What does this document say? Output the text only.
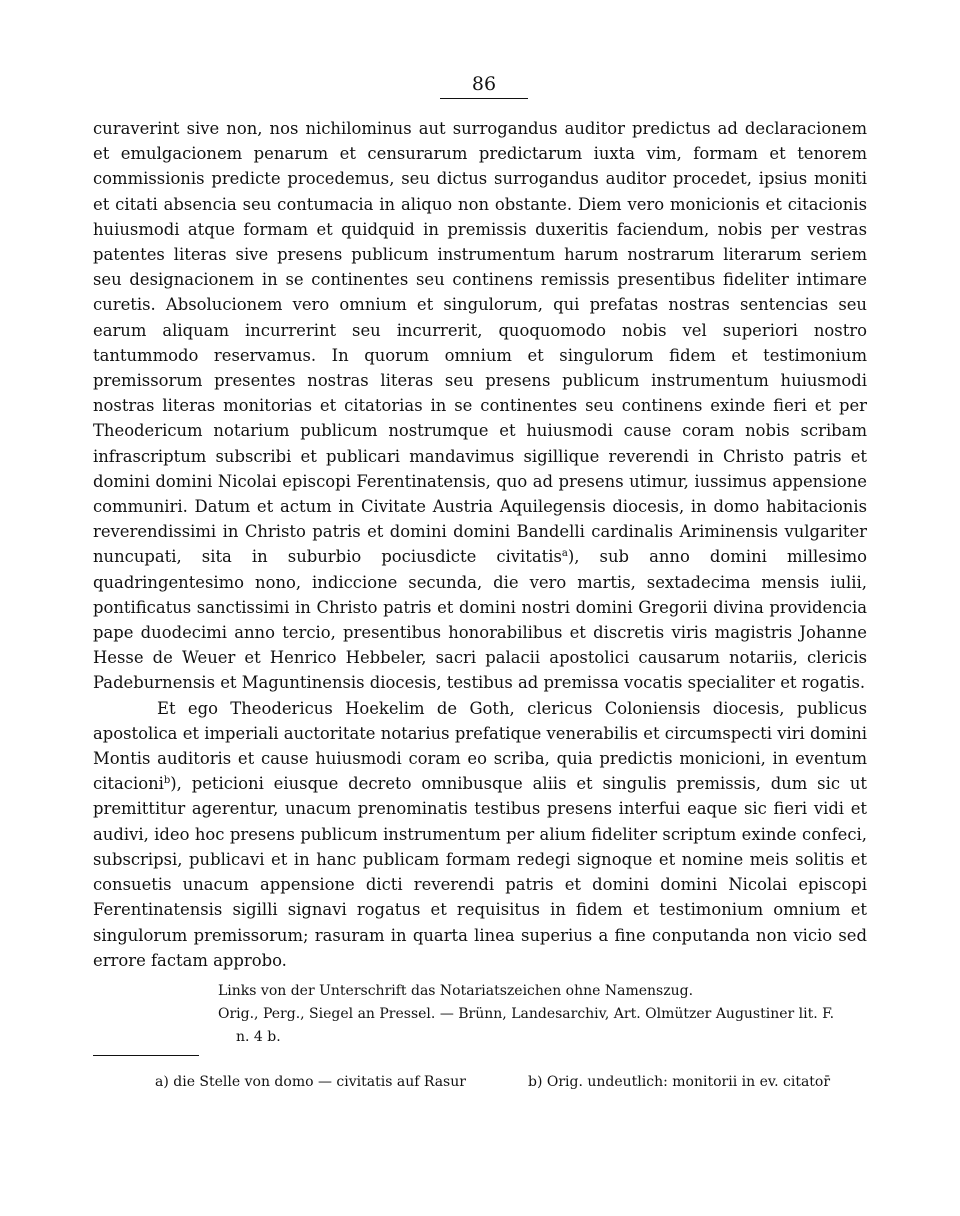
86

curaverint sive non, nos nichilominus aut surrogandus auditor predictus ad declaracionem et emulgacionem penarum et censurarum predictarum iuxta vim, formam et tenorem commissionis predicte procedemus, seu dictus surrogandus auditor procedet, ipsius moniti et citati absencia seu contumacia in aliquo non obstante. Diem vero monicionis et citacionis huiusmodi atque formam et quidquid in premissis duxeritis faciendum, nobis per vestras patentes literas sive presens publicum instrumentum harum nostrarum literarum seriem seu designacionem in se continentes seu continens remissis presentibus fideliter intimare curetis. Absolucionem vero omnium et singulorum, qui prefatas nostras sentencias seu earum aliquam incurrerint seu incurrerit, quoquomodo nobis vel superiori nostro tantummodo reservamus. In quorum omnium et singulorum fidem et testimonium premissorum presentes nostras literas seu presens publicum instrumentum huiusmodi nostras literas monitorias et citatorias in se continentes seu continens exinde fieri et per Theodericum notarium publicum nostrumque et huiusmodi cause coram nobis scribam infrascriptum subscribi et publicari mandavimus sigillique reverendi in Christo patris et domini domini Nicolai episcopi Ferentinatensis, quo ad presens utimur, iussimus appensione communiri. Datum et actum in Civitate Austria Aquilegensis diocesis, in domo habitacionis reverendissimi in Christo patris et domini domini Bandelli cardinalis Ariminensis vulgariter nuncupati, sita in suburbio pociusdicte civitatis$^a$), sub anno domini millesimo quadringentesimo nono, indiccione secunda, die vero martis, sextadecima mensis iulii, pontificatus sanctissimi in Christo patris et domini nostri domini Gregorii divina providencia pape duodecimi anno tercio, presentibus honorabilibus et discretis viris magistris Johanne Hesse de Weuer et Henrico Hebbeler, sacri palacii apostolici causarum notariis, clericis Padeburnensis et Maguntinensis diocesis, testibus ad premissa vocatis specialiter et rogatis.

Et ego Theodericus Hoekelim de Goth, clericus Coloniensis diocesis, publicus apostolica et imperiali auctoritate notarius prefatique venerabilis et circumspecti viri domini Montis auditoris et cause huiusmodi coram eo scriba, quia predictis monicioni, in eventum citacioni$^b$), peticioni eiusque decreto omnibusque aliis et singulis premissis, dum sic ut premittitur agerentur, unacum prenominatis testibus presens interfui eaque sic fieri vidi et audivi, ideo hoc presens publicum instrumentum per alium fideliter scriptum exinde confeci, subscripsi, publicavi et in hanc publicam formam redegi signoque et nomine meis solitis et consuetis unacum appensione dicti reverendi patris et domini domini Nicolai episcopi Ferentinatensis sigilli signavi rogatus et requisitus in fidem et testimonium omnium et singulorum premissorum; rasuram in quarta linea superius a fine conputanda non vicio sed errore factam approbo.

Links von der Unterschrift das Notariatszeichen ohne Namenszug.
Orig., Perg., Siegel an Pressel. — Brünn, Landesarchiv, Art. Olmützer Augustiner lit. F.
n. 4 b.
a) die Stelle von domo — civitatis auf Rasur	b) Orig. undeutlich: monitorii in ev. citator̄
